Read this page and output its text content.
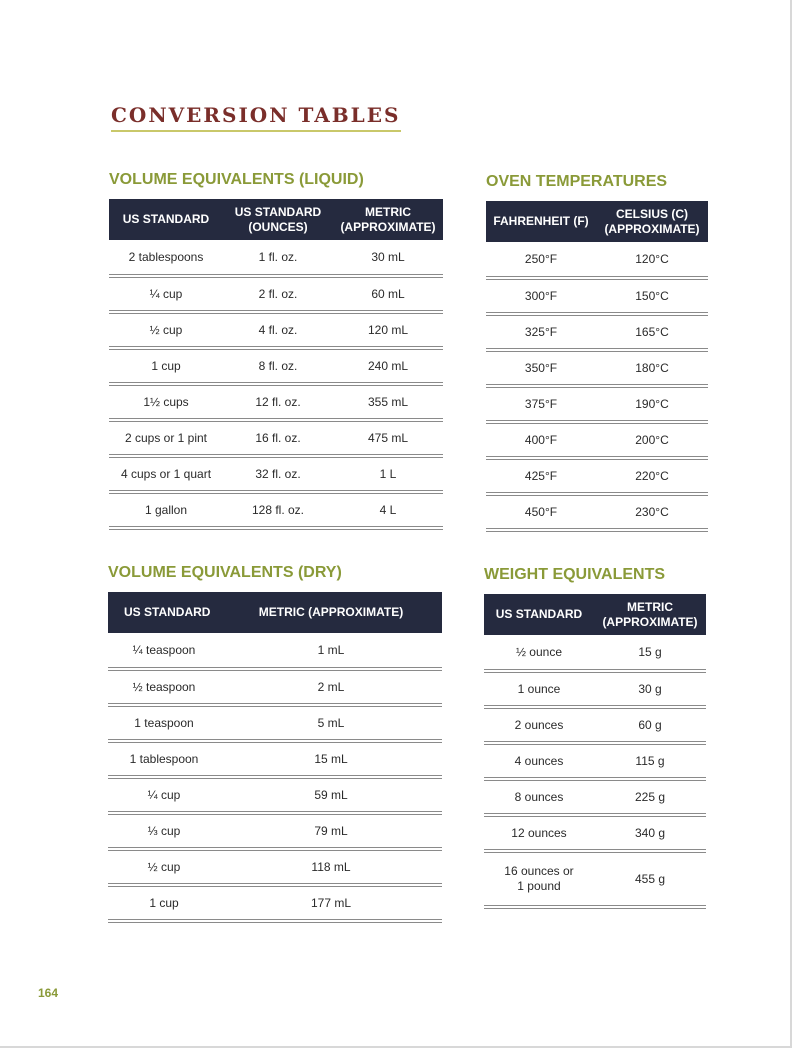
CONVERSION TABLES
VOLUME EQUIVALENTS (LIQUID)
US STANDARD	US STANDARD (OUNCES)	METRIC (APPROXIMATE)
2 tablespoons	1 fl. oz.	30 mL
¼ cup	2 fl. oz.	60 mL
½ cup	4 fl. oz.	120 mL
1 cup	8 fl. oz.	240 mL
1½ cups	12 fl. oz.	355 mL
2 cups or 1 pint	16 fl. oz.	475 mL
4 cups or 1 quart	32 fl. oz.	1 L
1 gallon	128 fl. oz.	4 L
OVEN TEMPERATURES
FAHRENHEIT (F)	CELSIUS (C) (APPROXIMATE)
250°F	120°C
300°F	150°C
325°F	165°C
350°F	180°C
375°F	190°C
400°F	200°C
425°F	220°C
450°F	230°C
VOLUME EQUIVALENTS (DRY)
US STANDARD	METRIC (APPROXIMATE)
¼ teaspoon	1 mL
½ teaspoon	2 mL
1 teaspoon	5 mL
1 tablespoon	15 mL
¼ cup	59 mL
⅓ cup	79 mL
½ cup	118 mL
1 cup	177 mL
WEIGHT EQUIVALENTS
US STANDARD	METRIC (APPROXIMATE)
½ ounce	15 g
1 ounce	30 g
2 ounces	60 g
4 ounces	115 g
8 ounces	225 g
12 ounces	340 g
16 ounces or 1 pound	455 g
164
